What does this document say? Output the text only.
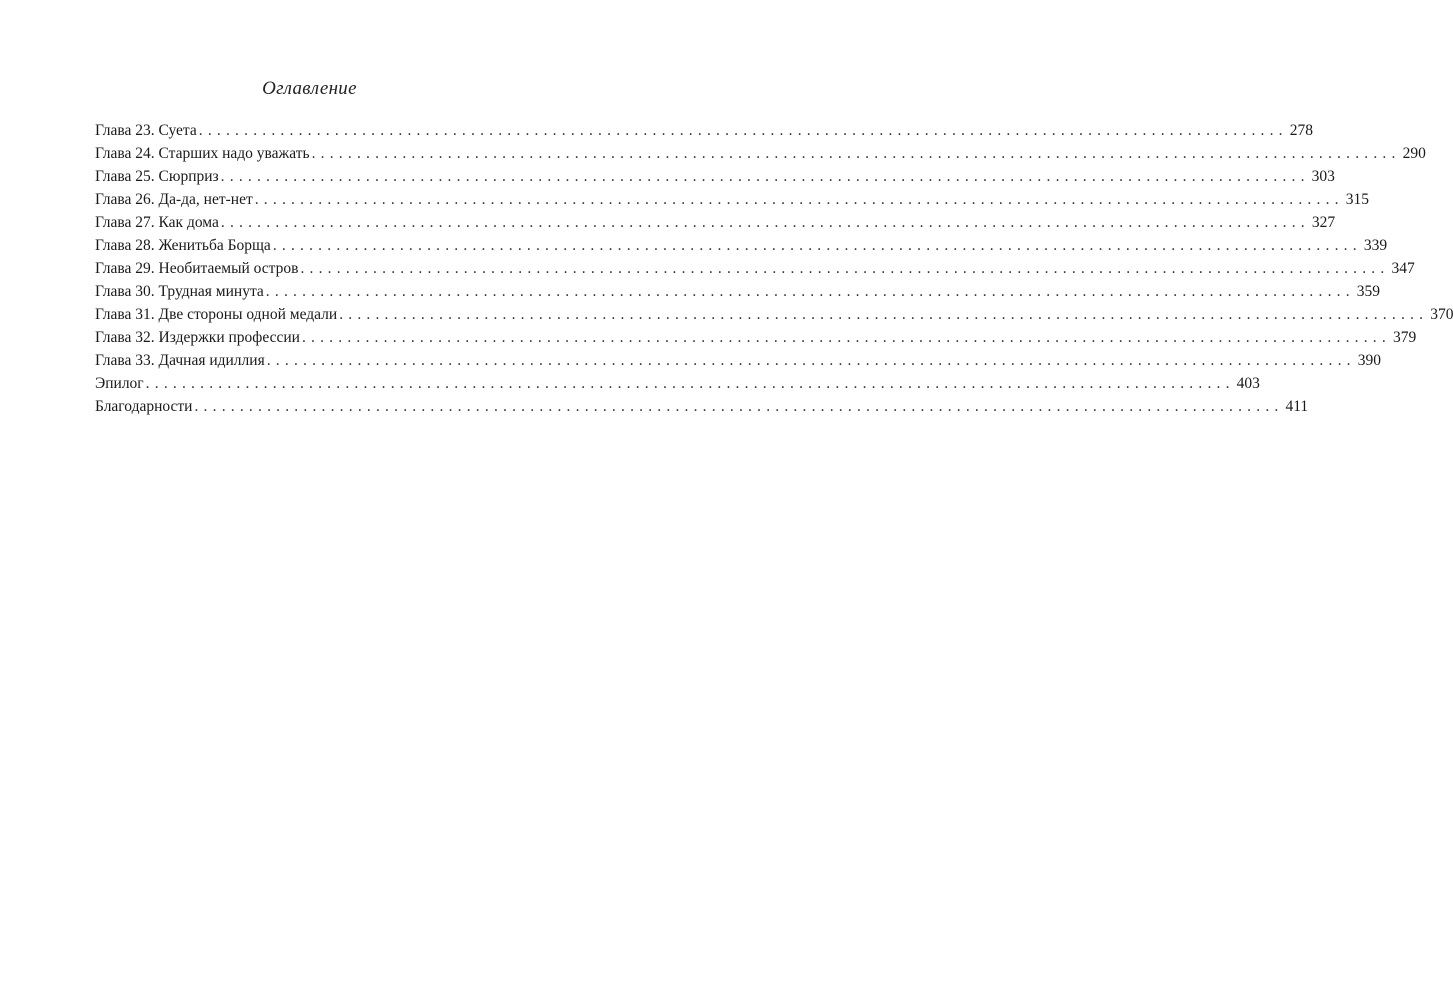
Оглавление
Глава 23. Суета ........................................................................................................................ 278
Глава 24. Старших надо уважать ........................................................................................................................ 290
Глава 25. Сюрприз ........................................................................................................................ 303
Глава 26. Да-да, нет-нет ........................................................................................................................ 315
Глава 27. Как дома ........................................................................................................................ 327
Глава 28. Женитьба Борща ........................................................................................................................ 339
Глава 29. Необитаемый остров ........................................................................................................................ 347
Глава 30. Трудная минута ........................................................................................................................ 359
Глава 31. Две стороны одной медали ........................................................................................................................ 370
Глава 32. Издержки профессии ........................................................................................................................ 379
Глава 33. Дачная идиллия ........................................................................................................................ 390
Эпилог ........................................................................................................................ 403
Благодарности ........................................................................................................................ 411
